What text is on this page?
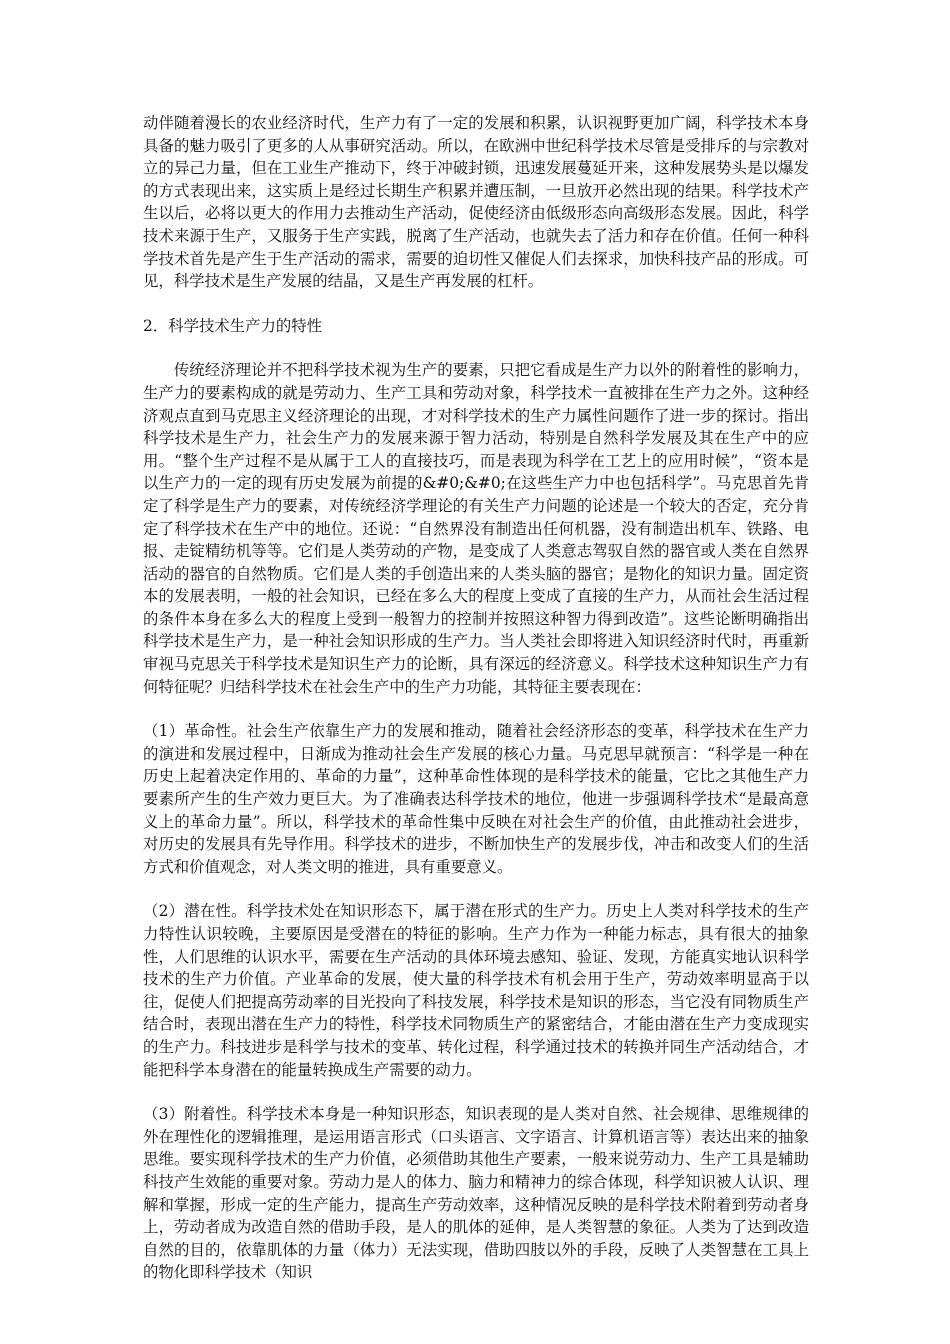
动伴随着漫长的农业经济时代，生产力有了一定的发展和积累，认识视野更加广阔，科学技术本身具备的魅力吸引了更多的人从事研究活动。所以，在欧洲中世纪科学技术尽管是受排斥的与宗教对立的异己力量，但在工业生产推动下，终于冲破封锁，迅速发展蔓延开来，这种发展势头是以爆发的方式表现出来，这实质上是经过长期生产积累并遭压制，一旦放开必然出现的结果。科学技术产生以后，必将以更大的作用力去推动生产活动，促使经济由低级形态向高级形态发展。因此，科学技术来源于生产，又服务于生产实践，脱离了生产活动，也就失去了活力和存在价值。任何一种科学技术首先是产生于生产活动的需求，需要的迫切性又催促人们去探求，加快科技产品的形成。可见，科学技术是生产发展的结晶，又是生产再发展的杠杆。

2．科学技术生产力的特性

传统经济理论并不把科学技术视为生产的要素，只把它看成是生产力以外的附着性的影响力，生产力的要素构成的就是劳动力、生产工具和劳动对象，科学技术一直被排在生产力之外。这种经济观点直到马克思主义经济理论的出现，才对科学技术的生产力属性问题作了进一步的探讨。指出科学技术是生产力，社会生产力的发展来源于智力活动，特别是自然科学发展及其在生产中的应用。“整个生产过程不是从属于工人的直接技巧，而是表现为科学在工艺上的应用时候”，“资本是以生产力的一定的现有历史发展为前提的&#0;&#0;在这些生产力中也包括科学”。马克思首先肯定了科学是生产力的要素，对传统经济学理论的有关生产力问题的论述是一个较大的否定，充分肯定了科学技术在生产中的地位。还说：“自然界没有制造出任何机器，没有制造出机车、铁路、电报、走锭精纺机等等。它们是人类劳动的产物，是变成了人类意志驾驭自然的器官或人类在自然界活动的器官的自然物质。它们是人类的手创造出来的人类头脑的器官；是物化的知识力量。固定资本的发展表明，一般的社会知识，已经在多么大的程度上变成了直接的生产力，从而社会生活过程的条件本身在多么大的程度上受到一般智力的控制并按照这种智力得到改造”。这些论断明确指出科学技术是生产力，是一种社会知识形成的生产力。当人类社会即将进入知识经济时代时，再重新审视马克思关于科学技术是知识生产力的论断，具有深远的经济意义。科学技术这种知识生产力有何特征呢？归结科学技术在社会生产中的生产力功能，其特征主要表现在：

（1）革命性。社会生产依靠生产力的发展和推动，随着社会经济形态的变革，科学技术在生产力的演进和发展过程中，日渐成为推动社会生产发展的核心力量。马克思早就预言：“科学是一种在历史上起着决定作用的、革命的力量”，这种革命性体现的是科学技术的能量，它比之其他生产力要素所产生的生产效力更巨大。为了准确表达科学技术的地位，他进一步强调科学技术“是最高意义上的革命力量”。所以，科学技术的革命性集中反映在对社会生产的价值，由此推动社会进步，对历史的发展具有先导作用。科学技术的进步，不断加快生产的发展步伐，冲击和改变人们的生活方式和价值观念，对人类文明的推进，具有重要意义。

（2）潜在性。科学技术处在知识形态下，属于潜在形式的生产力。历史上人类对科学技术的生产力特性认识较晚，主要原因是受潜在的特征的影响。生产力作为一种能力标志，具有很大的抽象性，人们思维的认识水平，需要在生产活动的具体环境去感知、验证、发现，方能真实地认识科学技术的生产力价值。产业革命的发展，使大量的科学技术有机会用于生产，劳动效率明显高于以往，促使人们把提高劳动率的目光投向了科技发展，科学技术是知识的形态，当它没有同物质生产结合时，表现出潜在生产力的特性，科学技术同物质生产的紧密结合，才能由潜在生产力变成现实的生产力。科技进步是科学与技术的变革、转化过程，科学通过技术的转换并同生产活动结合，才能把科学本身潜在的能量转换成生产需要的动力。

（3）附着性。科学技术本身是一种知识形态，知识表现的是人类对自然、社会规律、思维规律的外在理性化的逻辑推理，是运用语言形式（口头语言、文字语言、计算机语言等）表达出来的抽象思维。要实现科学技术的生产力价值，必须借助其他生产要素，一般来说劳动力、生产工具是辅助科技产生效能的重要对象。劳动力是人的体力、脑力和精神力的综合体现，科学知识被人认识、理解和掌握，形成一定的生产能力，提高生产劳动效率，这种情况反映的是科学技术附着到劳动者身上，劳动者成为改造自然的借助手段，是人的肌体的延伸，是人类智慧的象征。人类为了达到改造自然的目的，依靠肌体的力量（体力）无法实现，借助四肢以外的手段，反映了人类智慧在工具上的物化即科学技术（知识
